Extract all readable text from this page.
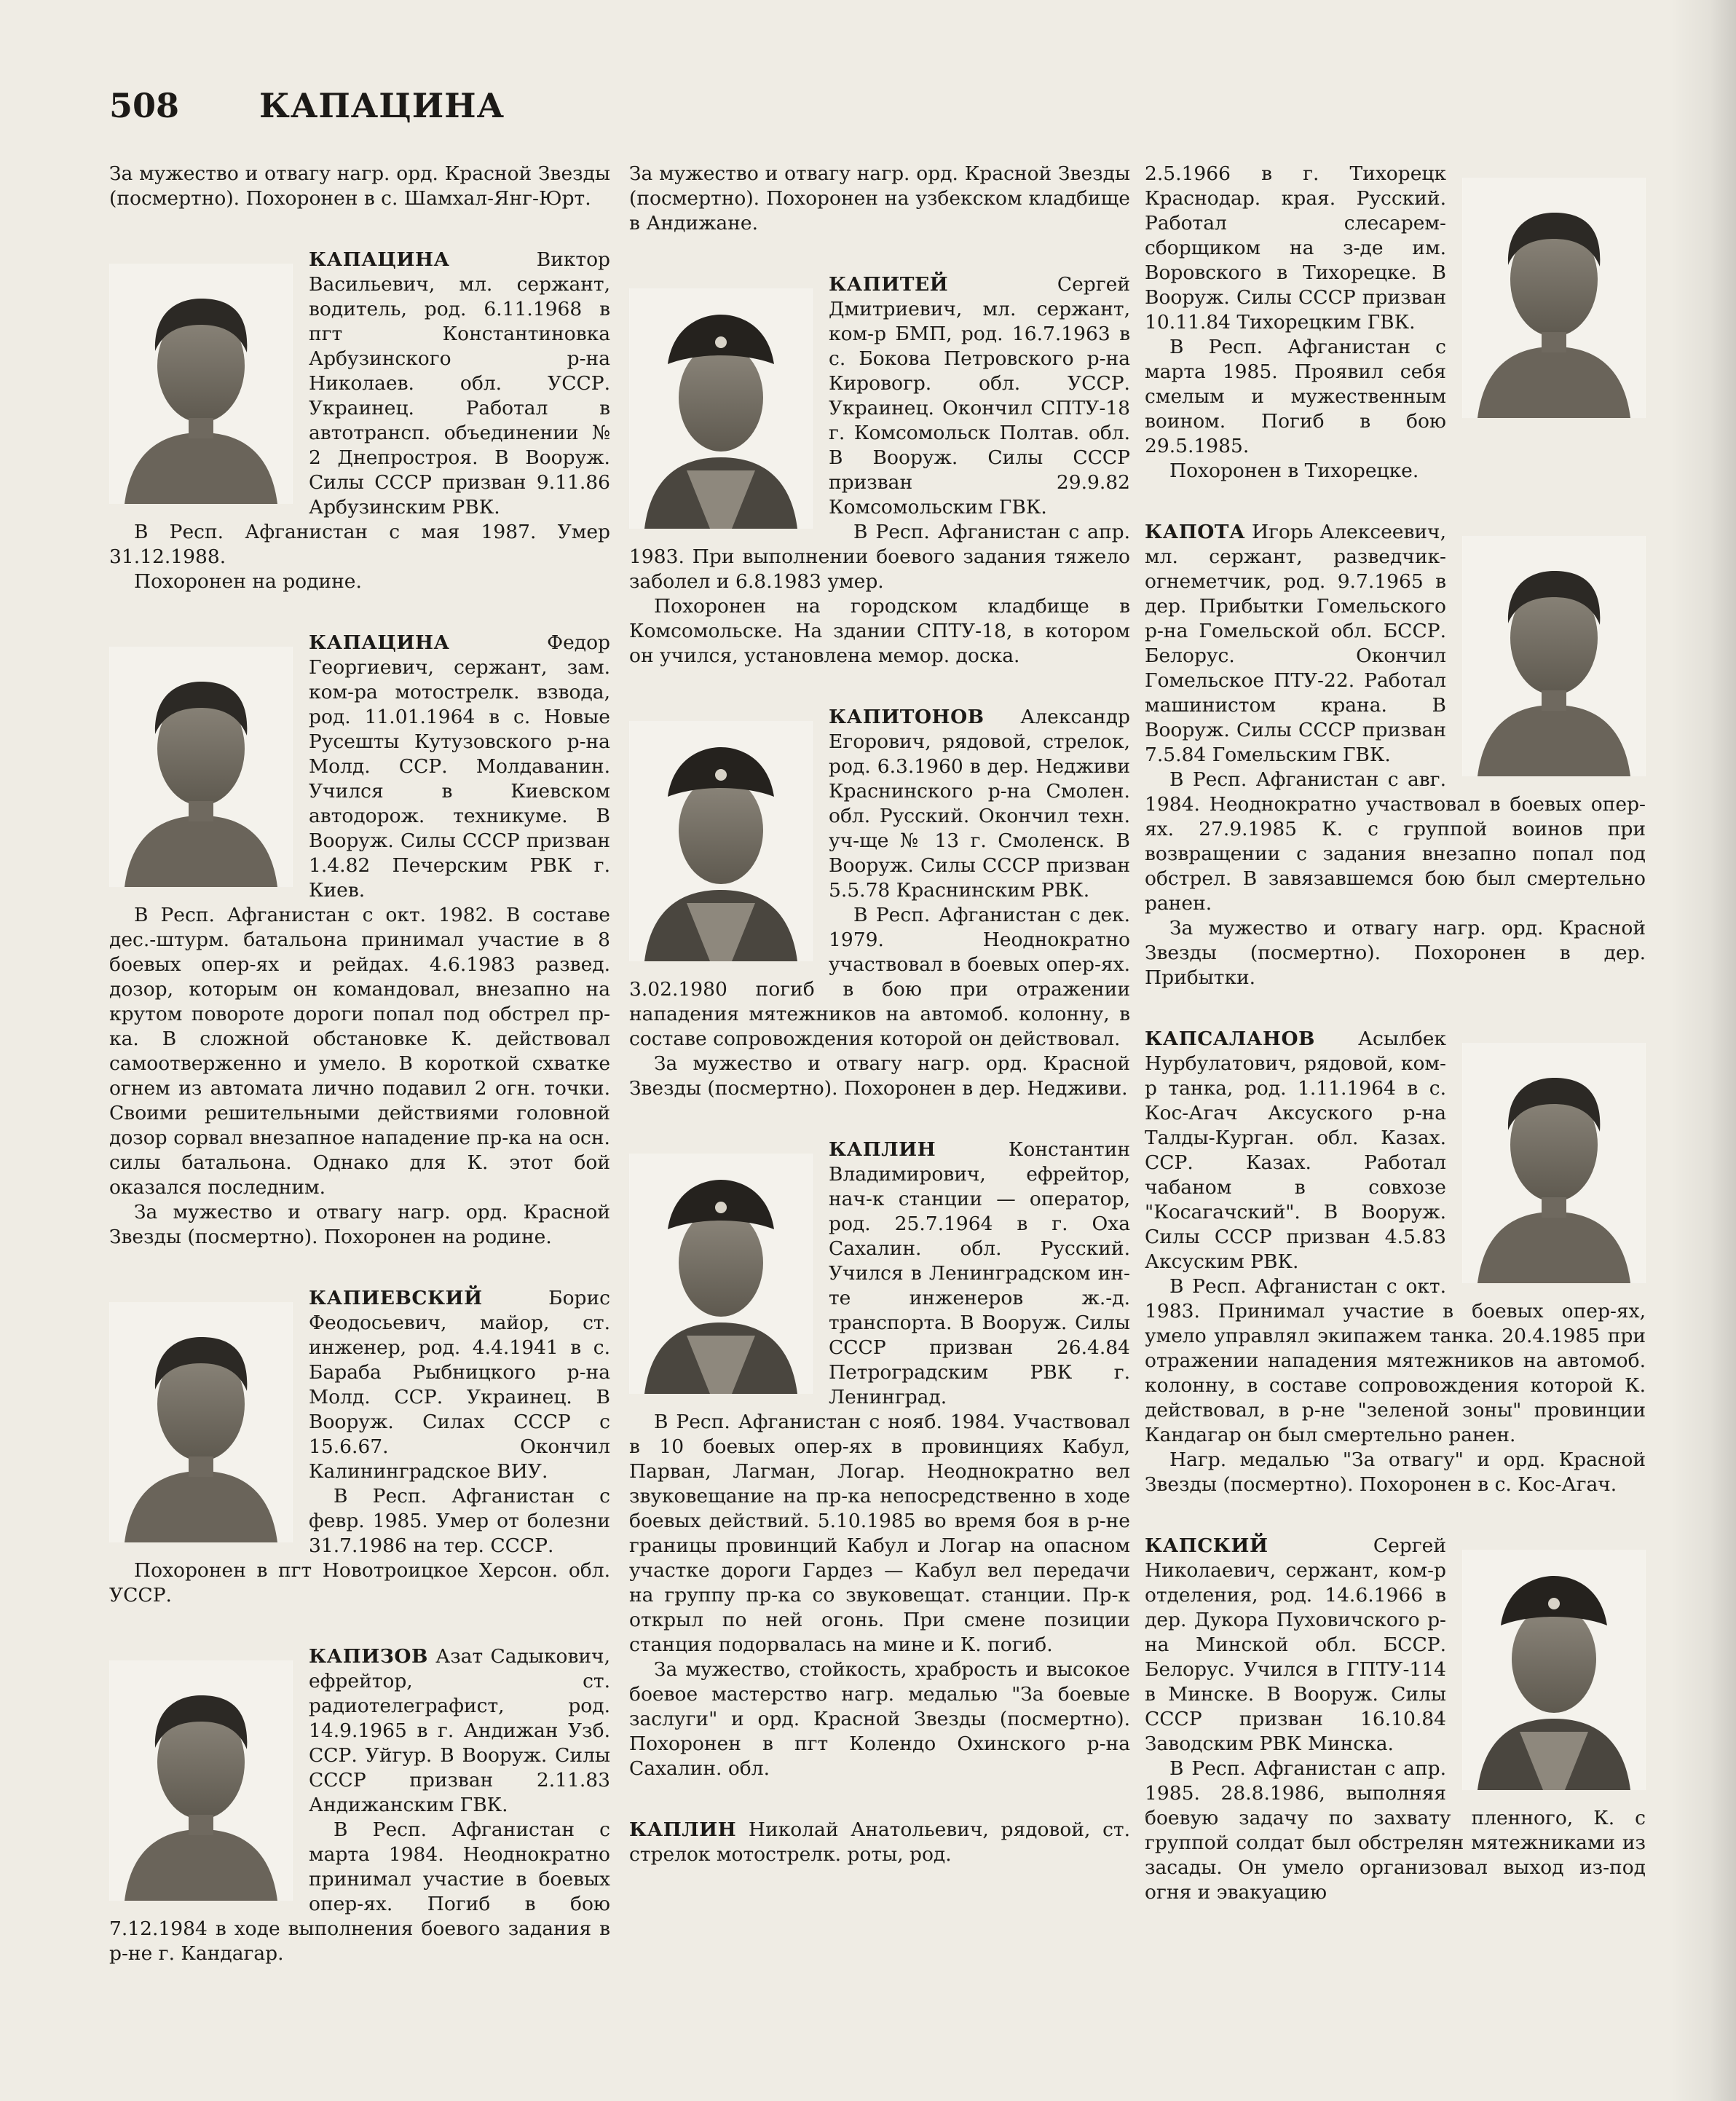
508 КАПАЦИНА

За мужество и отвагу нагр. орд. Красной Звезды (посмертно). Похоронен в с. Шамхал-Янг-Юрт.

КАПАЦИНА Виктор Васильевич, мл. сержант, водитель, род. 6.11.1968 в пгт Константиновка Арбузинского р-на Николаев. обл. УССР. Украинец. Работал в автотрансп. объединении № 2 Днепростроя. В Вооруж. Силы СССР призван 9.11.86 Арбузинским РВК.

В Респ. Афганистан с мая 1987. Умер 31.12.1988.

Похоронен на родине.

КАПАЦИНА Федор Георгиевич, сержант, зам. ком-ра мотострелк. взвода, род. 11.01.1964 в с. Новые Русешты Кутузовского р-на Молд. ССР. Молдаванин. Учился в Киевском автодорож. техникуме. В Вооруж. Силы СССР призван 1.4.82 Печерским РВК г. Киев.

В Респ. Афганистан с окт. 1982. В составе дес.-штурм. батальона принимал участие в 8 боевых опер-ях и рейдах. 4.6.1983 развед. дозор, которым он командовал, внезапно на крутом повороте дороги попал под обстрел пр-ка. В сложной обстановке К. действовал самоотверженно и умело. В короткой схватке огнем из автомата лично подавил 2 огн. точки. Своими решительными действиями головной дозор сорвал внезапное нападение пр-ка на осн. силы батальона. Однако для К. этот бой оказался последним.

За мужество и отвагу нагр. орд. Красной Звезды (посмертно). Похоронен на родине.

КАПИЕВСКИЙ Борис Феодосьевич, майор, ст. инженер, род. 4.4.1941 в с. Бараба Рыбницкого р-на Молд. ССР. Украинец. В Вооруж. Силах СССР с 15.6.67. Окончил Калининградское ВИУ.

В Респ. Афганистан с февр. 1985. Умер от болезни 31.7.1986 на тер. СССР.

Похоронен в пгт Новотроицкое Херсон. обл. УССР.

КАПИЗОВ Азат Садыкович, ефрейтор, ст. радиотелеграфист, род. 14.9.1965 в г. Андижан Узб. ССР. Уйгур. В Вооруж. Силы СССР призван 2.11.83 Андижанским ГВК.

В Респ. Афганистан с марта 1984. Неоднократно принимал участие в боевых опер-ях. Погиб в бою 7.12.1984 в ходе выполнения боевого задания в р-не г. Кандагар.

За мужество и отвагу нагр. орд. Красной Звезды (посмертно). Похоронен на узбекском кладбище в Андижане.

КАПИТЕЙ Сергей Дмитриевич, мл. сержант, ком-р БМП, род. 16.7.1963 в с. Бокова Петровского р-на Кировогр. обл. УССР. Украинец. Окончил СПТУ-18 г. Комсомольск Полтав. обл. В Вооруж. Силы СССР призван 29.9.82 Комсомольским ГВК.

В Респ. Афганистан с апр. 1983. При выполнении боевого задания тяжело заболел и 6.8.1983 умер.

Похоронен на городском кладбище в Комсомольске. На здании СПТУ-18, в котором он учился, установлена мемор. доска.

КАПИТОНОВ Александр Егорович, рядовой, стрелок, род. 6.3.1960 в дер. Недживи Краснинского р-на Смолен. обл. Русский. Окончил техн. уч-ще № 13 г. Смоленск. В Вооруж. Силы СССР призван 5.5.78 Краснинским РВК.

В Респ. Афганистан с дек. 1979. Неоднократно участвовал в боевых опер-ях. 3.02.1980 погиб в бою при отражении нападения мятежников на автомоб. колонну, в составе сопровождения которой он действовал.

За мужество и отвагу нагр. орд. Красной Звезды (посмертно). Похоронен в дер. Недживи.

КАПЛИН Константин Владимирович, ефрейтор, нач-к станции — оператор, род. 25.7.1964 в г. Оха Сахалин. обл. Русский. Учился в Ленинградском ин-те инженеров ж.-д. транспорта. В Вооруж. Силы СССР призван 26.4.84 Петроградским РВК г. Ленинград.

В Респ. Афганистан с нояб. 1984. Участвовал в 10 боевых опер-ях в провинциях Кабул, Парван, Лагман, Логар. Неоднократно вел звуковещание на пр-ка непосредственно в ходе боевых действий. 5.10.1985 во время боя в р-не границы провинций Кабул и Логар на опасном участке дороги Гардез — Кабул вел передачи на группу пр-ка со звуковещат. станции. Пр-к открыл по ней огонь. При смене позиции станция подорвалась на мине и К. погиб.

За мужество, стойкость, храбрость и высокое боевое мастерство нагр. медалью "За боевые заслуги" и орд. Красной Звезды (посмертно). Похоронен в пгт Колендо Охинского р-на Сахалин. обл.

КАПЛИН Николай Анатольевич, рядовой, ст. стрелок мотострелк. роты, род.

2.5.1966 в г. Тихорецк Краснодар. края. Русский. Работал слесарем-сборщиком на з-де им. Воровского в Тихорецке. В Вооруж. Силы СССР призван 10.11.84 Тихорецким ГВК.

В Респ. Афганистан с марта 1985. Проявил себя смелым и мужественным воином. Погиб в бою 29.5.1985.

Похоронен в Тихорецке.

КАПОТА Игорь Алексеевич, мл. сержант, разведчик-огнеметчик, род. 9.7.1965 в дер. Прибытки Гомельского р-на Гомельской обл. БССР. Белорус. Окончил Гомельское ПТУ-22. Работал машинистом крана. В Вооруж. Силы СССР призван 7.5.84 Гомельским ГВК.

В Респ. Афганистан с авг. 1984. Неоднократно участвовал в боевых опер-ях. 27.9.1985 К. с группой воинов при возвращении с задания внезапно попал под обстрел. В завязавшемся бою был смертельно ранен.

За мужество и отвагу нагр. орд. Красной Звезды (посмертно). Похоронен в дер. Прибытки.

КАПСАЛАНОВ Асылбек Нурбулатович, рядовой, ком-р танка, род. 1.11.1964 в с. Кос-Агач Аксуского р-на Талды-Курган. обл. Казах. ССР. Казах. Работал чабаном в совхозе "Косагачский". В Вооруж. Силы СССР призван 4.5.83 Аксуским РВК.

В Респ. Афганистан с окт. 1983. Принимал участие в боевых опер-ях, умело управлял экипажем танка. 20.4.1985 при отражении нападения мятежников на автомоб. колонну, в составе сопровождения которой К. действовал, в р-не "зеленой зоны" провинции Кандагар он был смертельно ранен.

Нагр. медалью "За отвагу" и орд. Красной Звезды (посмертно). Похоронен в с. Кос-Агач.

КАПСКИЙ Сергей Николаевич, сержант, ком-р отделения, род. 14.6.1966 в дер. Дукора Пуховичского р-на Минской обл. БССР. Белорус. Учился в ГПТУ-114 в Минске. В Вооруж. Силы СССР призван 16.10.84 Заводским РВК Минска.

В Респ. Афганистан с апр. 1985. 28.8.1986, выполняя боевую задачу по захвату пленного, К. с группой солдат был обстрелян мятежниками из засады. Он умело организовал выход из-под огня и эвакуацию
